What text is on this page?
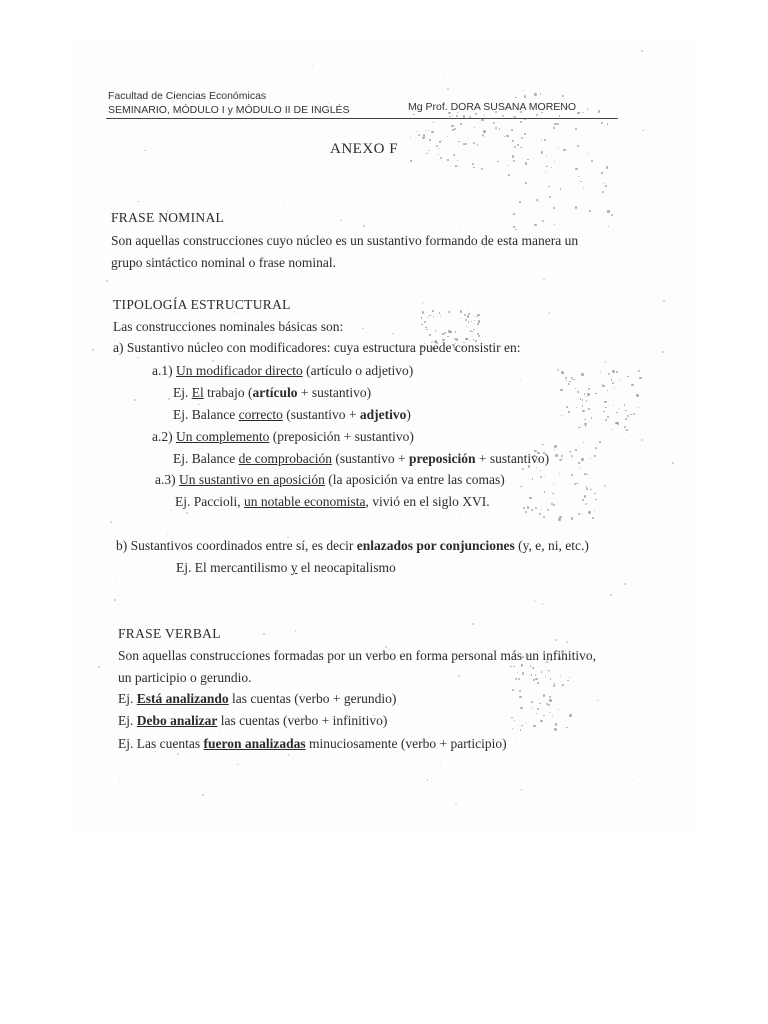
Facultad de Ciencias Económicas
SEMINARIO, MÓDULO I y MÓDULO II DE INGLÉS	Mg Prof. DORA SUSANA MORENO
ANEXO F
FRASE NOMINAL
Son aquellas construcciones cuyo núcleo es un sustantivo formando de esta manera un
grupo sintáctico nominal o frase nominal.
TIPOLOGÍA ESTRUCTURAL
Las construcciones nominales básicas son:
a) Sustantivo núcleo con modificadores: cuya estructura puede consistir en:
a.1) Un modificador directo (artículo o adjetivo)
Ej. El trabajo (artículo + sustantivo)
Ej. Balance correcto (sustantivo + adjetivo)
a.2) Un complemento (preposición + sustantivo)
Ej. Balance de comprobación (sustantivo + preposición + sustantivo)
a.3) Un sustantivo en aposición (la aposición va entre las comas)
Ej. Paccioli, un notable economista, vivió en el siglo XVI.
b) Sustantivos coordinados entre sí, es decir enlazados por conjunciones (y, e, ni, etc.)
Ej. El mercantilismo y el neocapitalismo
FRASE VERBAL
Son aquellas construcciones formadas por un verbo en forma personal más un infinitivo,
un participio o gerundio.
Ej. Está analizando las cuentas (verbo + gerundio)
Ej. Debo analizar las cuentas (verbo + infinitivo)
Ej. Las cuentas fueron analizadas minuciosamente (verbo + participio)
